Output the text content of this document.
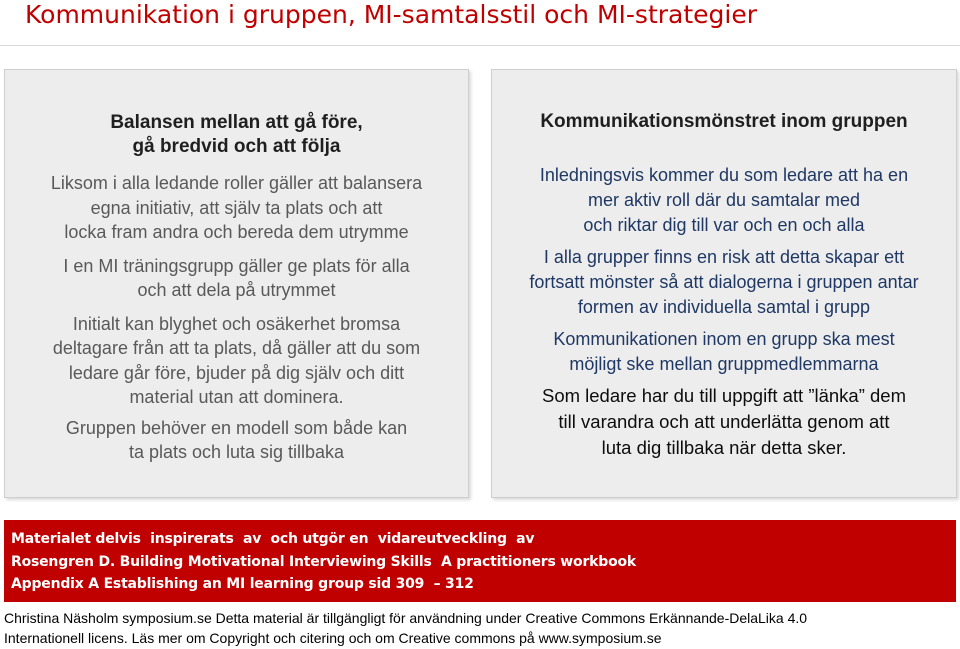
Kommunikation i gruppen, MI-samtalsstil och MI-strategier

Balansen mellan att gå före,

gå bredvid och att följa

Liksom i alla ledande roller gäller att balansera

egna initiativ, att själv ta plats och att

locka fram andra och bereda dem utrymme

I en MI träningsgrupp gäller ge plats för alla

och att dela på utrymmet

Initialt kan blyghet och osäkerhet bromsa

deltagare från att ta plats, då gäller att du som

ledare går före, bjuder på dig själv och ditt

material utan att dominera.

Gruppen behöver en modell som både kan

ta plats och luta sig tillbaka

Kommunikationsmönstret inom gruppen

Inledningsvis kommer du som ledare att ha en

mer aktiv roll där du samtalar med

och riktar dig till var och en och alla

I alla grupper finns en risk att detta skapar ett

fortsatt mönster så att dialogerna i gruppen antar

formen av individuella samtal i grupp

Kommunikationen inom en grupp ska mest

möjligt ske mellan gruppmedlemmarna

Som ledare har du till uppgift att ”länka” dem

till varandra och att underlätta genom att

luta dig tillbaka när detta sker.

Materialet delvis  inspirerats  av  och utgör en  vidareutveckling  av

Rosengren D. Building Motivational Interviewing Skills  A practitioners workbook

Appendix A Establishing an MI learning group sid 309  – 312

Christina Näsholm symposium.se Detta material är tillgängligt för användning under Creative Commons Erkännande-DelaLika 4.0

Internationell licens. Läs mer om Copyright och citering och om Creative commons på www.symposium.se
